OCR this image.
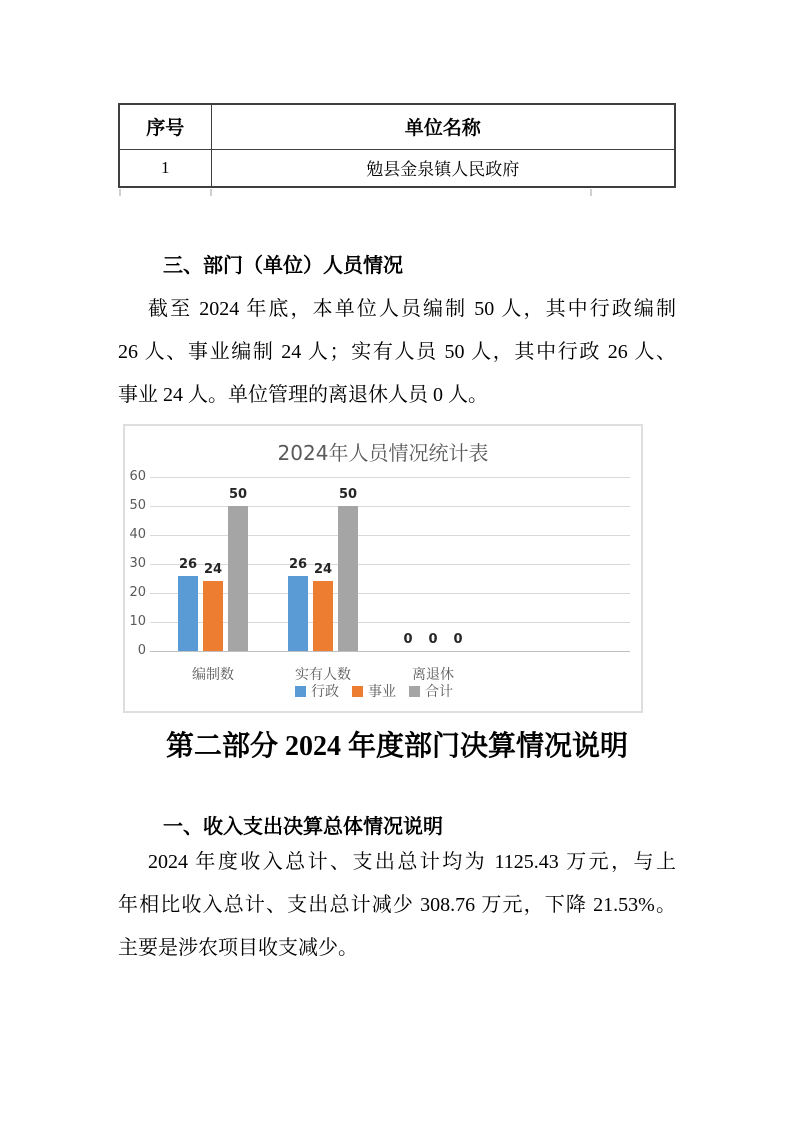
序号	单位名称
1	勉县金泉镇人民政府
三、部门（单位）人员情况
截至 2024 年底，本单位人员编制 50 人，其中行政编制
26 人、事业编制 24 人；实有人员 50 人，其中行政 26 人、
事业 24 人。单位管理的离退休人员 0 人。
2024年人员情况统计表
0
10
20
30
40
50
60
26 24
50
编制数
26 24
50
实有人数
0	0	0
离退休
行政 事业 合计
第二部分 2024 年度部门决算情况说明
一、收入支出决算总体情况说明
2024 年度收入总计、支出总计均为 1125.43 万元，与上
年相比收入总计、支出总计减少 308.76 万元，下降 21.53%。
主要是涉农项目收支减少。
